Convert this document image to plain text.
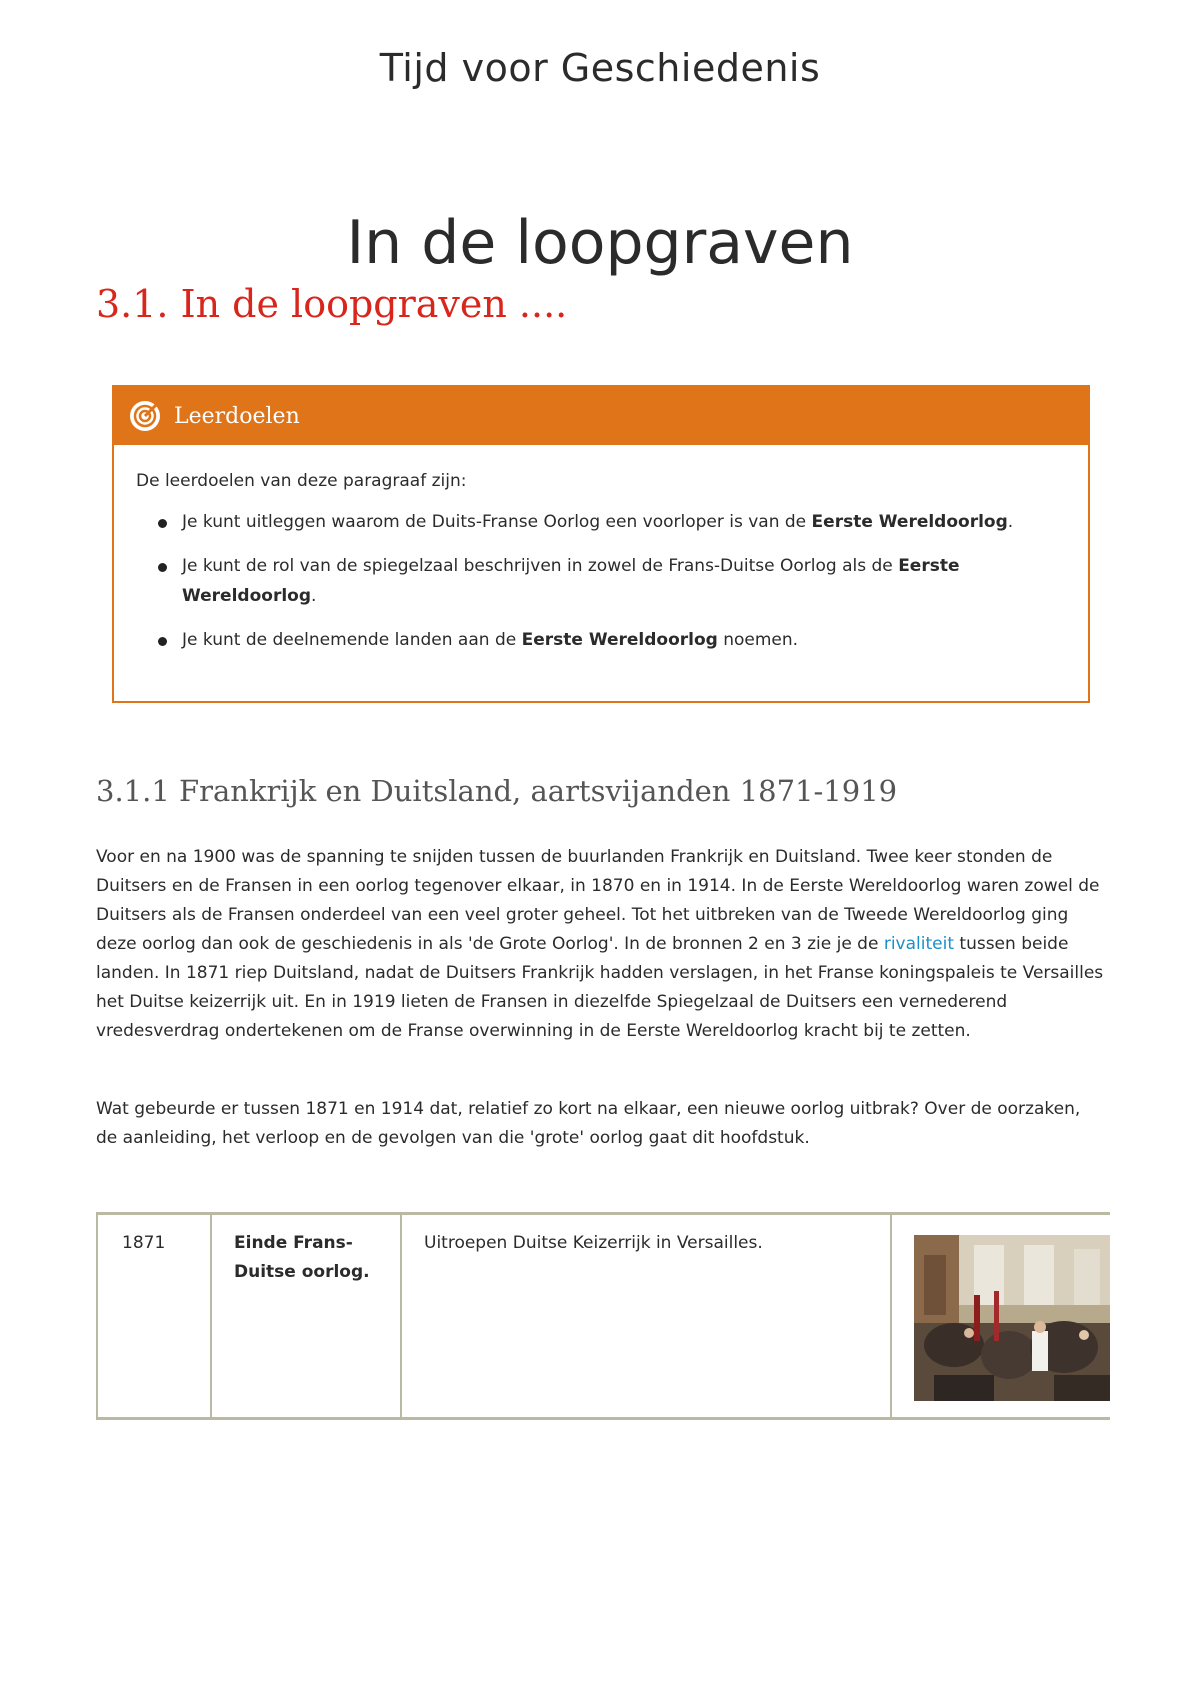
Tijd voor Geschiedenis
In de loopgraven
3.1. In de loopgraven ....
Leerdoelen
De leerdoelen van deze paragraaf zijn:
Je kunt uitleggen waarom de Duits-Franse Oorlog een voorloper is van de Eerste Wereldoorlog.
Je kunt de rol van de spiegelzaal beschrijven in zowel de Frans-Duitse Oorlog als de Eerste Wereldoorlog.
Je kunt de deelnemende landen aan de Eerste Wereldoorlog noemen.
3.1.1 Frankrijk en Duitsland, aartsvijanden 1871-1919

Voor en na 1900 was de spanning te snijden tussen de buurlanden Frankrijk en Duitsland. Twee keer stonden de Duitsers en de Fransen in een oorlog tegenover elkaar, in 1870 en in 1914. In de Eerste Wereldoorlog waren zowel de Duitsers als de Fransen onderdeel van een veel groter geheel. Tot het uitbreken van de Tweede Wereldoorlog ging deze oorlog dan ook de geschiedenis in als 'de Grote Oorlog'. In de bronnen 2 en 3 zie je de rivaliteit tussen beide landen. In 1871 riep Duitsland, nadat de Duitsers Frankrijk hadden verslagen, in het Franse koningspaleis te Versailles het Duitse keizerrijk uit. En in 1919 lieten de Fransen in diezelfde Spiegelzaal de Duitsers een vernederend vredesverdrag ondertekenen om de Franse overwinning in de Eerste Wereldoorlog kracht bij te zetten.

Wat gebeurde er tussen 1871 en 1914 dat, relatief zo kort na elkaar, een nieuwe oorlog uitbrak? Over de oorzaken, de aanleiding, het verloop en de gevolgen van die 'grote' oorlog gaat dit hoofdstuk.

1871	Einde Frans-Duitse oorlog.
Uitroepen Duitse Keizerrijk in Versailles.
